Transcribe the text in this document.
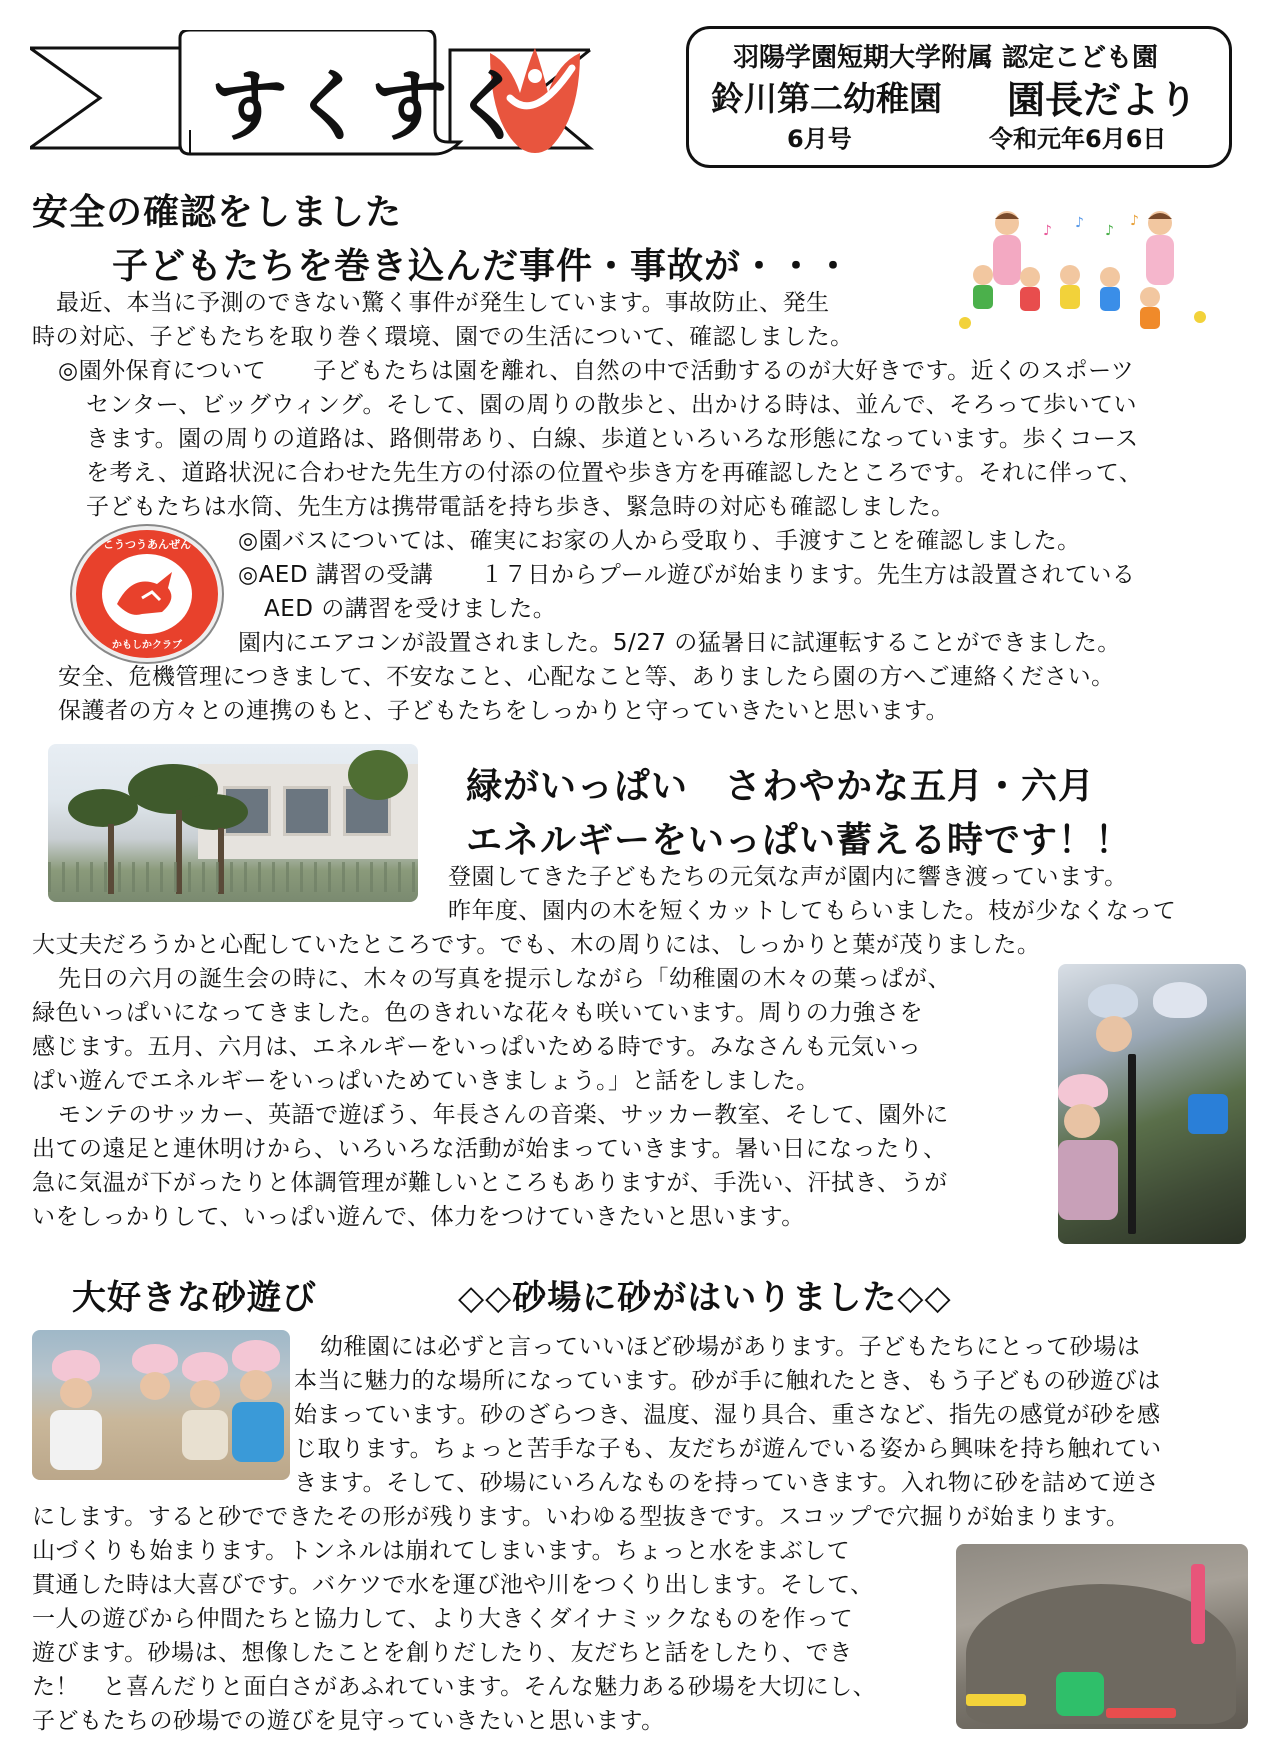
すくすく
羽陽学園短期大学附属 認定こども園
鈴川第二幼稚園 園長だより
6月号	令和元年6月6日
安全の確認をしました
子どもたちを巻き込んだ事件・事故が・・・
♪ ♪ ♪
♪
最近、本当に予測のできない驚く事件が発生しています。事故防止、発生
時の対応、子どもたちを取り巻く環境、園での生活について、確認しました。
◎園外保育について　　子どもたちは園を離れ、自然の中で活動するのが大好きです。近くのスポーツ
センター、ビッグウィング。そして、園の周りの散歩と、出かける時は、並んで、そろって歩いてい
きます。園の周りの道路は、路側帯あり、白線、歩道といろいろな形態になっています。歩くコース
を考え、道路状況に合わせた先生方の付添の位置や歩き方を再確認したところです。それに伴って、
子どもたちは水筒、先生方は携帯電話を持ち歩き、緊急時の対応も確認しました。
◎園バスについては、確実にお家の人から受取り、手渡すことを確認しました。
◎AED 講習の受講　　１７日からプール遊びが始まります。先生方は設置されている
AED の講習を受けました。
園内にエアコンが設置されました。5/27 の猛暑日に試運転することができました。
安全、危機管理につきまして、不安なこと、心配なこと等、ありましたら園の方へご連絡ください。
保護者の方々との連携のもと、子どもたちをしっかりと守っていきたいと思います。
こうつうあんぜん
かもしかクラブ
緑がいっぱい　さわやかな五月・六月
エネルギーをいっぱい蓄える時です！！
登園してきた子どもたちの元気な声が園内に響き渡っています。
昨年度、園内の木を短くカットしてもらいました。枝が少なくなって
大丈夫だろうかと心配していたところです。でも、木の周りには、しっかりと葉が茂りました。
先日の六月の誕生会の時に、木々の写真を提示しながら「幼稚園の木々の葉っぱが、
緑色いっぱいになってきました。色のきれいな花々も咲いています。周りの力強さを
感じます。五月、六月は、エネルギーをいっぱいためる時です。みなさんも元気いっ
ぱい遊んでエネルギーをいっぱいためていきましょう。」と話をしました。
モンテのサッカー、英語で遊ぼう、年長さんの音楽、サッカー教室、そして、園外に
出ての遠足と連休明けから、いろいろな活動が始まっていきます。暑い日になったり、
急に気温が下がったりと体調管理が難しいところもありますが、手洗い、汗拭き、うが
いをしっかりして、いっぱい遊んで、体力をつけていきたいと思います。
大好きな砂遊び	◇◇砂場に砂がはいりました◇◇
幼稚園には必ずと言っていいほど砂場があります。子どもたちにとって砂場は
本当に魅力的な場所になっています。砂が手に触れたとき、もう子どもの砂遊びは
始まっています。砂のざらつき、温度、湿り具合、重さなど、指先の感覚が砂を感
じ取ります。ちょっと苦手な子も、友だちが遊んでいる姿から興味を持ち触れてい
きます。そして、砂場にいろんなものを持っていきます。入れ物に砂を詰めて逆さ
にします。すると砂でできたその形が残ります。いわゆる型抜きです。スコップで穴掘りが始まります。
山づくりも始まります。トンネルは崩れてしまいます。ちょっと水をまぶして
貫通した時は大喜びです。バケツで水を運び池や川をつくり出します。そして、
一人の遊びから仲間たちと協力して、より大きくダイナミックなものを作って
遊びます。砂場は、想像したことを創りだしたり、友だちと話をしたり、でき
た！　と喜んだりと面白さがあふれています。そんな魅力ある砂場を大切にし、
子どもたちの砂場での遊びを見守っていきたいと思います。
